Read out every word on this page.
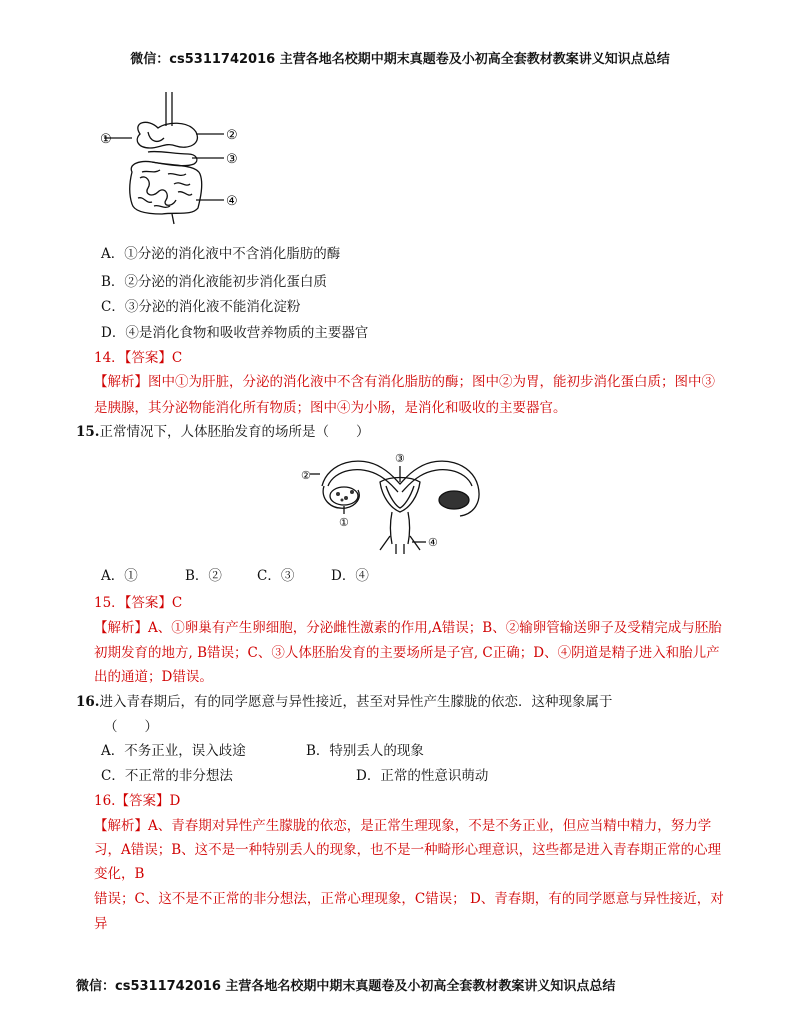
微信：cs5311742016 主营各地名校期中期末真题卷及小初高全套教材教案讲义知识点总结
①	②
③
④
A．①分泌的消化液中不含消化脂肪的酶
B．②分泌的消化液能初步消化蛋白质
C．③分泌的消化液不能消化淀粉
D．④是消化食物和吸收营养物质的主要器官
14．【答案】C
【解析】图中①为肝脏，分泌的消化液中不含有消化脂肪的酶；图中②为胃，能初步消化蛋白质；图中③
是胰腺，其分泌物能消化所有物质；图中④为小肠，是消化和吸收的主要器官。
15.正常情况下，人体胚胎发育的场所是（　　）
②
③
①
④
A．①	B．②	C．③	D．④
15．【答案】C
【解析】A、①卵巢有产生卵细胞，分泌雌性激素的作用,A错误；B、②输卵管输送卵子及受精完成与胚胎
初期发育的地方, B错误；C、③人体胚胎发育的主要场所是子宫, C正确；D、④阴道是精子进入和胎儿产
出的通道；D错误。
16.进入青春期后，有的同学愿意与异性接近，甚至对异性产生朦胧的依恋．这种现象属于
（　　）
A．不务正业，误入歧途	B．特别丢人的现象
C．不正常的非分想法	D．正常的性意识萌动
16.【答案】D
【解析】A、青春期对异性产生朦胧的依恋，是正常生理现象，不是不务正业，但应当精中精力，努力学
习，A错误；B、这不是一种特别丢人的现象，也不是一种畸形心理意识，这些都是进入青春期正常的心理
变化，B
错误；C、这不是不正常的非分想法，正常心理现象，C错误； D、青春期，有的同学愿意与异性接近，对
异
微信：cs5311742016 主营各地名校期中期末真题卷及小初高全套教材教案讲义知识点总结
